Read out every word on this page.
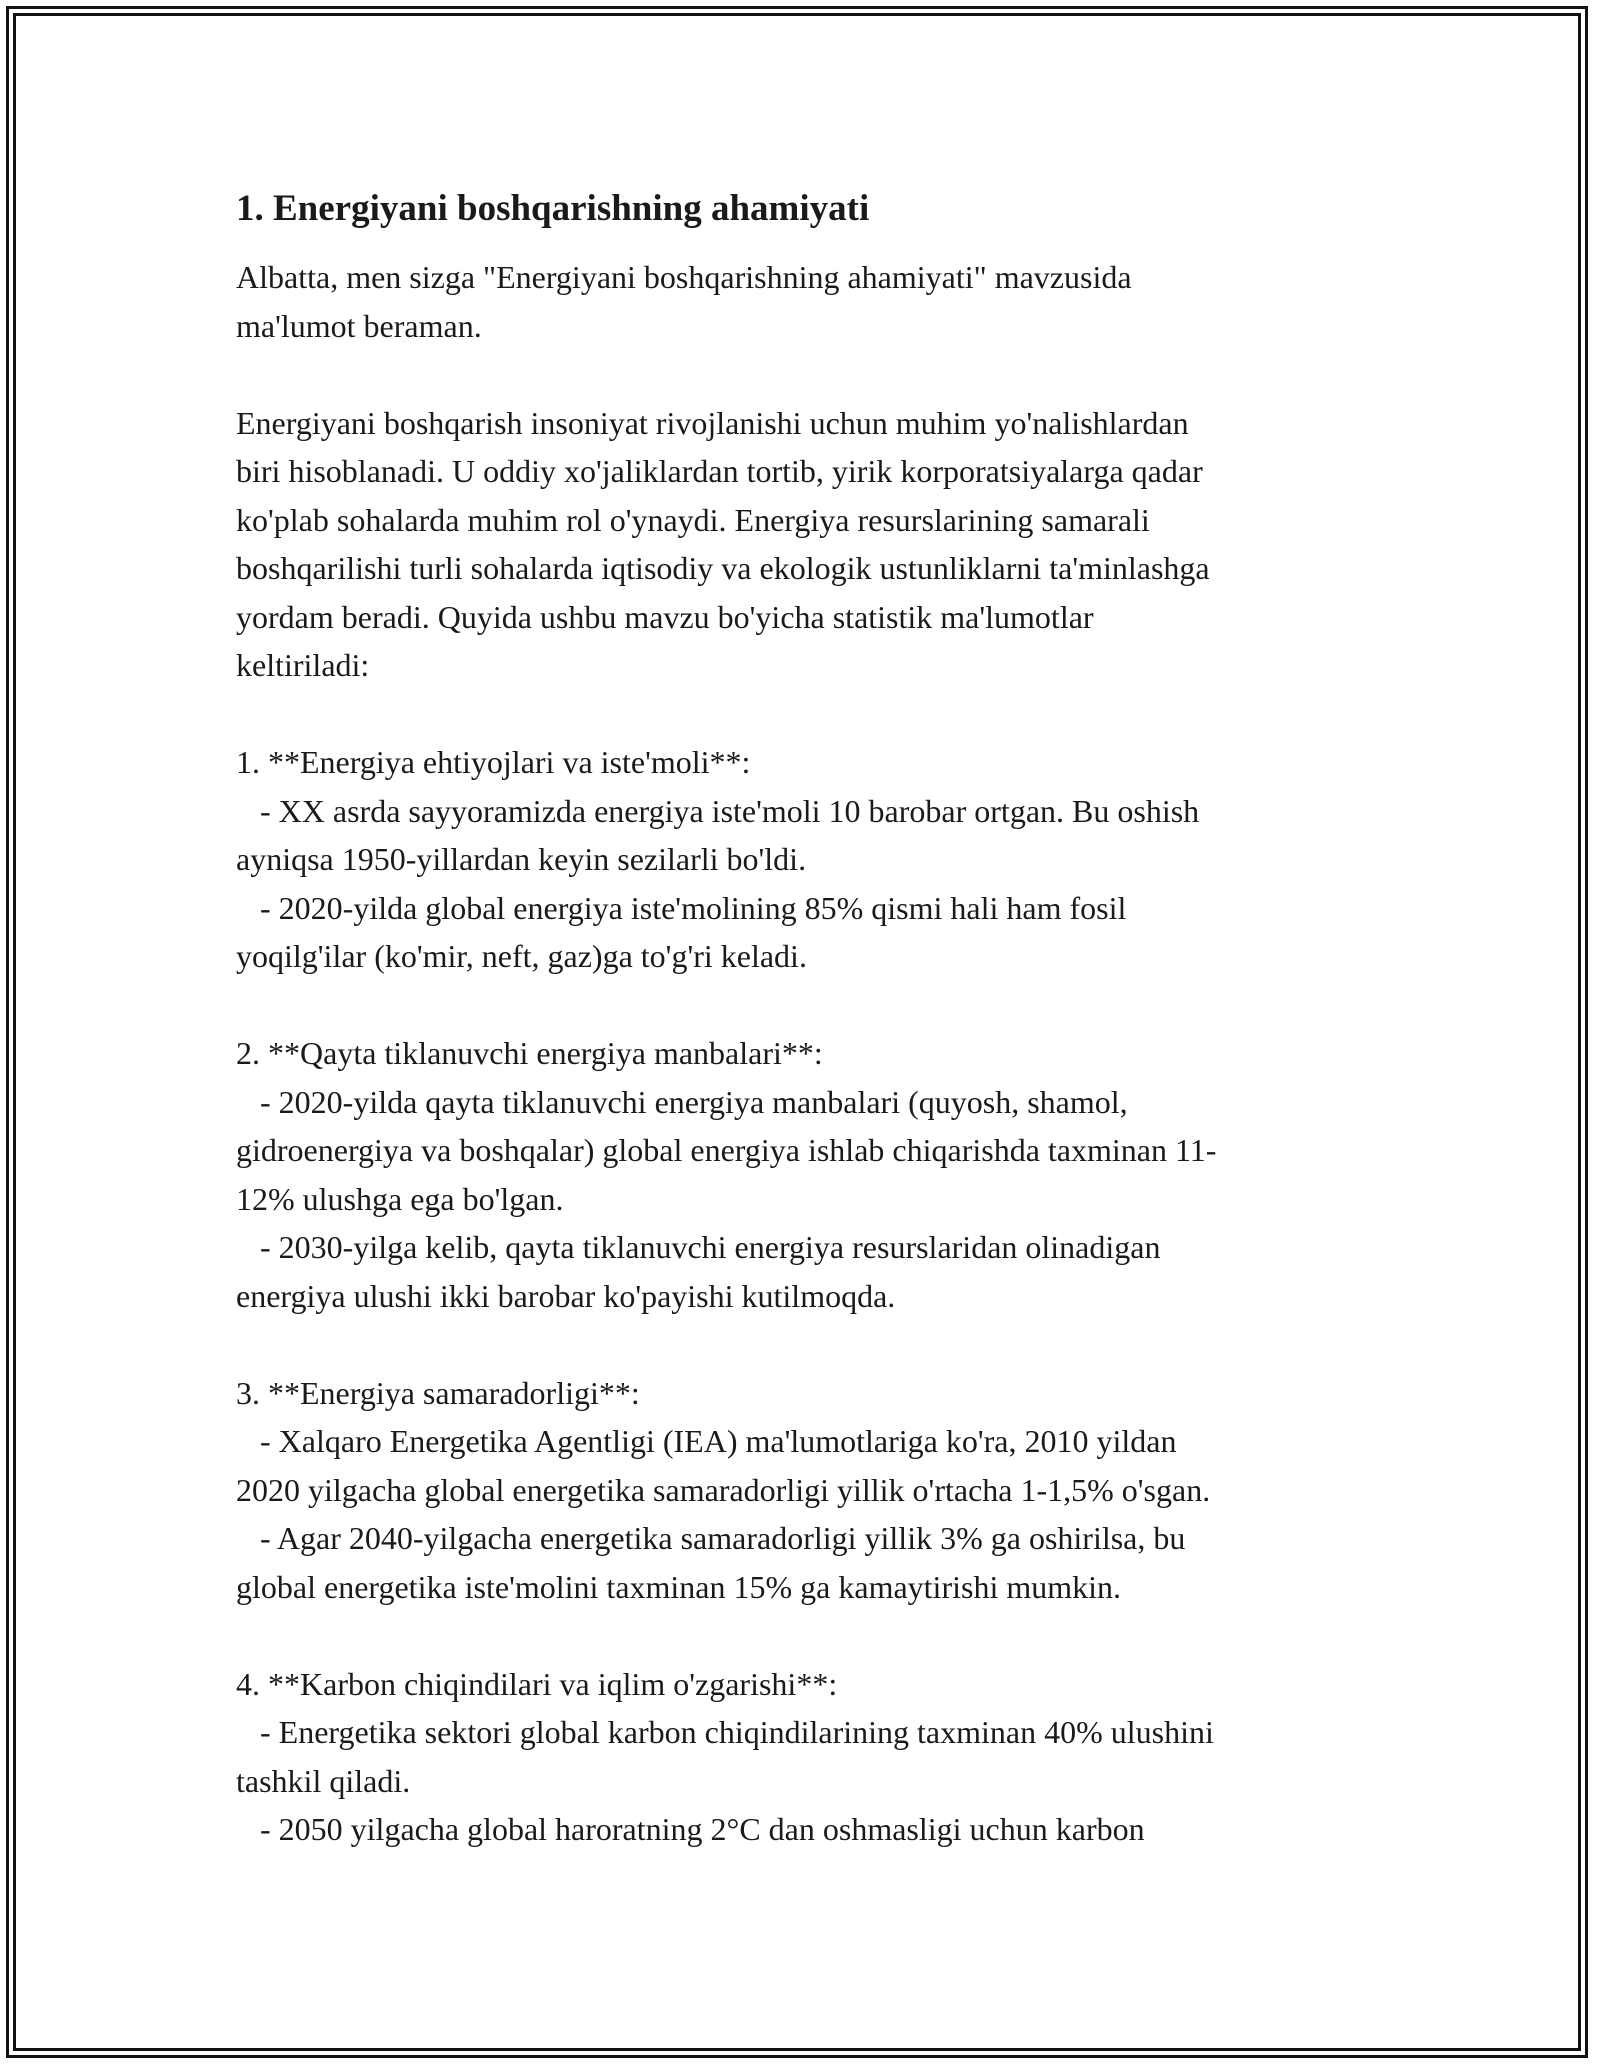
1. Energiyani boshqarishning ahamiyati

Albatta, men sizga "Energiyani boshqarishning ahamiyati" mavzusida
ma'lumot beraman.

Energiyani boshqarish insoniyat rivojlanishi uchun muhim yo'nalishlardan
biri hisoblanadi. U oddiy xo'jaliklardan tortib, yirik korporatsiyalarga qadar
ko'plab sohalarda muhim rol o'ynaydi. Energiya resurslarining samarali
boshqarilishi turli sohalarda iqtisodiy va ekologik ustunliklarni ta'minlashga
yordam beradi. Quyida ushbu mavzu bo'yicha statistik ma'lumotlar
keltiriladi:

1. **Energiya ehtiyojlari va iste'moli**:
- XX asrda sayyoramizda energiya iste'moli 10 barobar ortgan. Bu oshish
ayniqsa 1950-yillardan keyin sezilarli bo'ldi.
- 2020-yilda global energiya iste'molining 85% qismi hali ham fosil
yoqilg'ilar (ko'mir, neft, gaz)ga to'g'ri keladi.

2. **Qayta tiklanuvchi energiya manbalari**:
- 2020-yilda qayta tiklanuvchi energiya manbalari (quyosh, shamol,
gidroenergiya va boshqalar) global energiya ishlab chiqarishda taxminan 11-
12% ulushga ega bo'lgan.
- 2030-yilga kelib, qayta tiklanuvchi energiya resurslaridan olinadigan
energiya ulushi ikki barobar ko'payishi kutilmoqda.

3. **Energiya samaradorligi**:
- Xalqaro Energetika Agentligi (IEA) ma'lumotlariga ko'ra, 2010 yildan
2020 yilgacha global energetika samaradorligi yillik o'rtacha 1-1,5% o'sgan.
- Agar 2040-yilgacha energetika samaradorligi yillik 3% ga oshirilsa, bu
global energetika iste'molini taxminan 15% ga kamaytirishi mumkin.

4. **Karbon chiqindilari va iqlim o'zgarishi**:
- Energetika sektori global karbon chiqindilarining taxminan 40% ulushini
tashkil qiladi.
- 2050 yilgacha global haroratning 2°C dan oshmasligi uchun karbon
